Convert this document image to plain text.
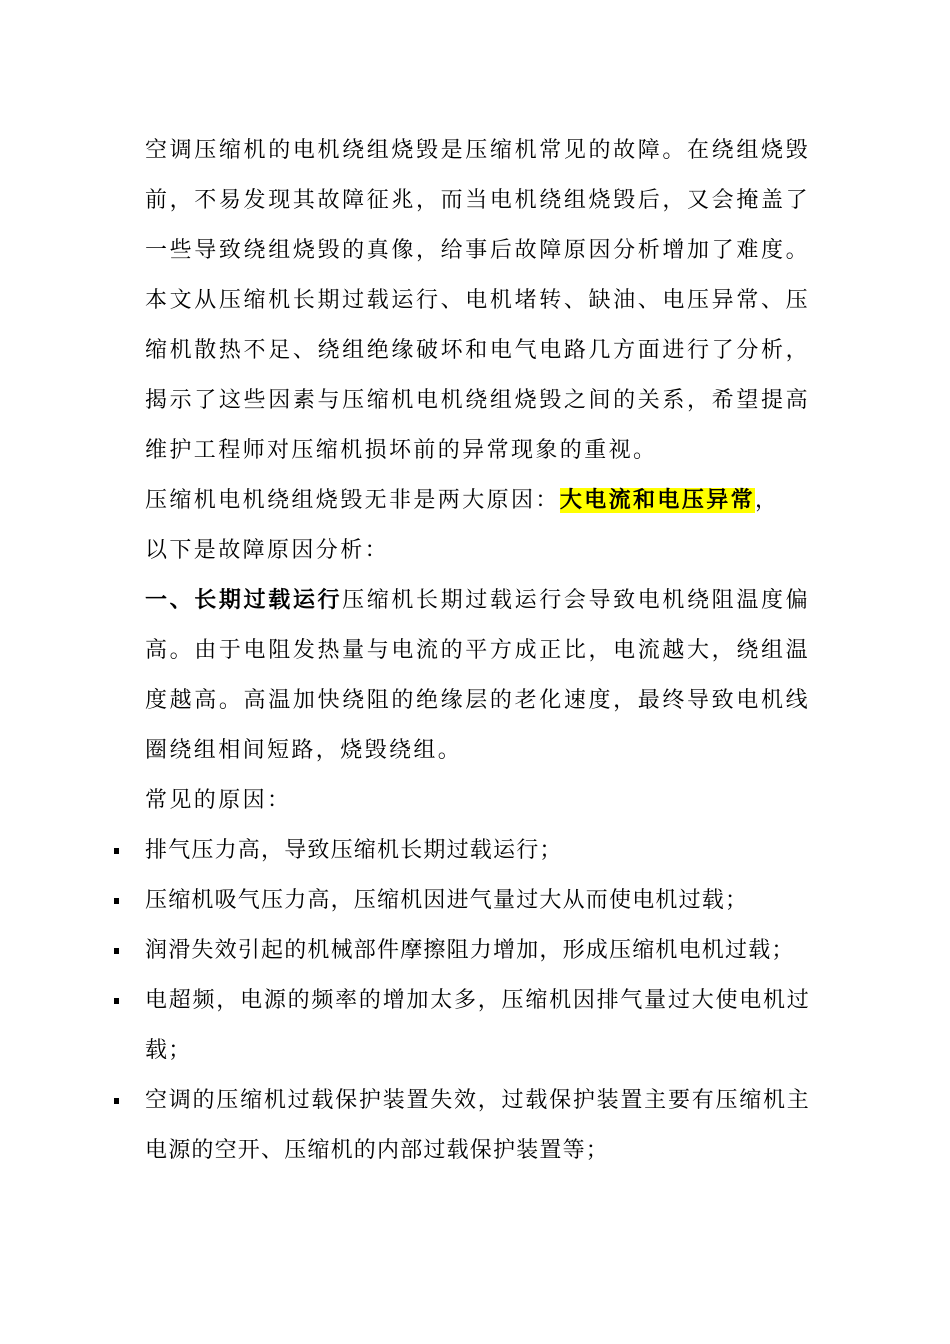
空调压缩机的电机绕组烧毁是压缩机常见的故障。在绕组烧毁前，不易发现其故障征兆，而当电机绕组烧毁后，又会掩盖了一些导致绕组烧毁的真像，给事后故障原因分析增加了难度。本文从压缩机长期过载运行、电机堵转、缺油、电压异常、压缩机散热不足、绕组绝缘破坏和电气电路几方面进行了分析，揭示了这些因素与压缩机电机绕组烧毁之间的关系，希望提高维护工程师对压缩机损坏前的异常现象的重视。

压缩机电机绕组烧毁无非是两大原因：大电流和电压异常，

以下是故障原因分析：

一、长期过载运行压缩机长期过载运行会导致电机绕阻温度偏高。由于电阻发热量与电流的平方成正比，电流越大，绕组温度越高。高温加快绕阻的绝缘层的老化速度，最终导致电机线圈绕组相间短路，烧毁绕组。

常见的原因：

排气压力高，导致压缩机长期过载运行；
压缩机吸气压力高，压缩机因进气量过大从而使电机过载；
润滑失效引起的机械部件摩擦阻力增加，形成压缩机电机过载；
电超频，电源的频率的增加太多，压缩机因排气量过大使电机过载；
空调的压缩机过载保护装置失效，过载保护装置主要有压缩机主电源的空开、压缩机的内部过载保护装置等；
